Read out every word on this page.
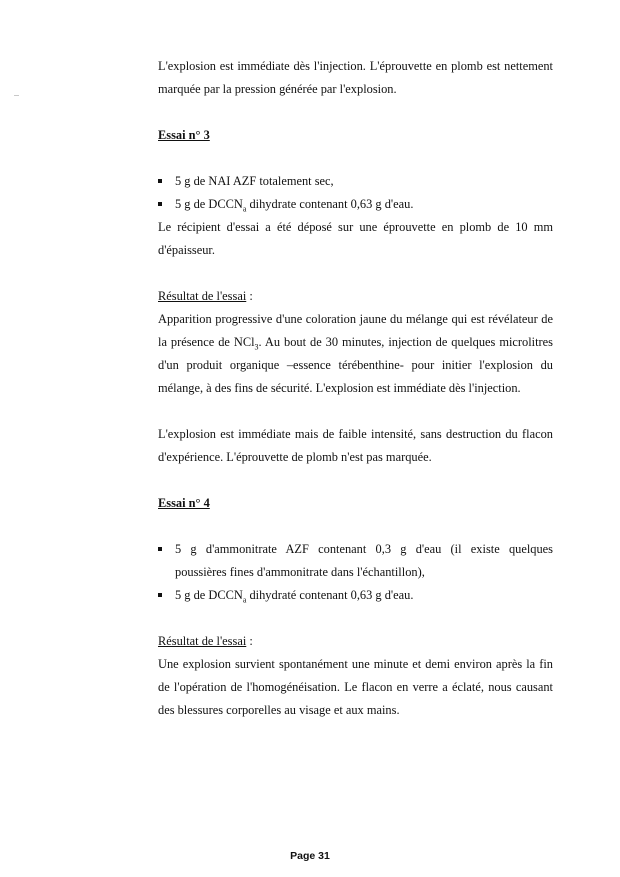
L'explosion est immédiate dès l'injection. L'éprouvette en plomb est nettement

marquée par la pression générée par l'explosion.

Essai n° 3

5 g de NAI AZF totalement sec,
5 g de $DCCN_a$ dihydrate contenant 0,63 g d'eau.

Le récipient d'essai a été déposé sur une éprouvette en plomb de 10 mm

d'épaisseur.

Résultat de l'essai :

Apparition progressive d'une coloration jaune du mélange qui est révélateur de

la présence de NCl$_3$. Au bout de 30 minutes, injection de quelques microlitres

d'un produit organique –essence térébenthine- pour initier l'explosion du

mélange, à des fins de sécurité. L'explosion est immédiate dès l'injection.

L'explosion est immédiate mais de faible intensité, sans destruction du flacon

d'expérience. L'éprouvette de plomb n'est pas marquée.

Essai n° 4

5 g d'ammonitrate AZF contenant 0,3 g d'eau (il existe quelques
poussières fines d'ammonitrate dans l'échantillon),
5 g de $DCCN_a$ dihydraté contenant 0,63 g d'eau.

Résultat de l'essai :

Une explosion survient spontanément une minute et demi environ après la fin

de l'opération de l'homogénéisation. Le flacon en verre a éclaté, nous causant

des blessures corporelles au visage et aux mains.

Page 31
